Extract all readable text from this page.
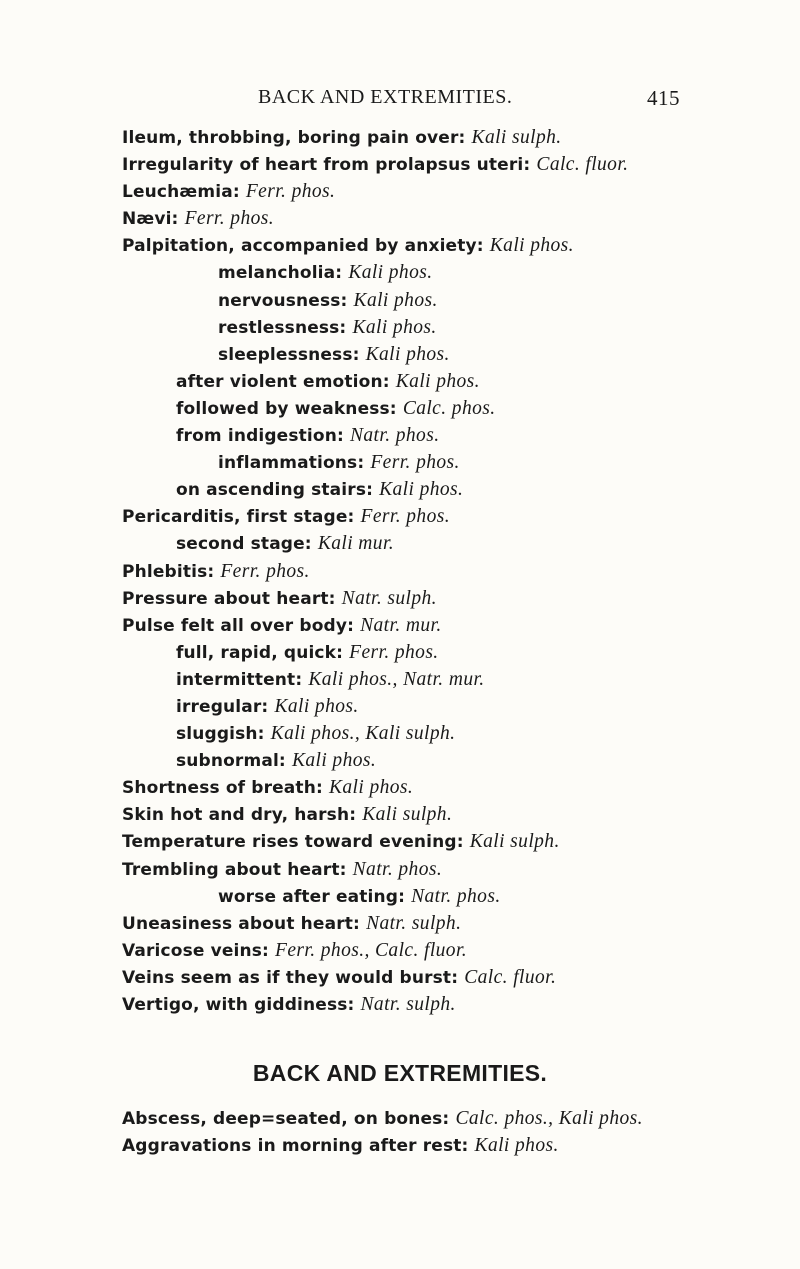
BACK AND EXTREMITIES.	415
Ileum, throbbing, boring pain over: Kali sulph.
Irregularity of heart from prolapsus uteri: Calc. fluor.
Leuchæmia: Ferr. phos.
Nævi: Ferr. phos.
Palpitation, accompanied by anxiety: Kali phos.
melancholia: Kali phos.
nervousness: Kali phos.
restlessness: Kali phos.
sleeplessness: Kali phos.
after violent emotion: Kali phos.
followed by weakness: Calc. phos.
from indigestion: Natr. phos.
inflammations: Ferr. phos.
on ascending stairs: Kali phos.
Pericarditis, first stage: Ferr. phos.
second stage: Kali mur.
Phlebitis: Ferr. phos.
Pressure about heart: Natr. sulph.
Pulse felt all over body: Natr. mur.
full, rapid, quick: Ferr. phos.
intermittent: Kali phos., Natr. mur.
irregular: Kali phos.
sluggish: Kali phos., Kali sulph.
subnormal: Kali phos.
Shortness of breath: Kali phos.
Skin hot and dry, harsh: Kali sulph.
Temperature rises toward evening: Kali sulph.
Trembling about heart: Natr. phos.
worse after eating: Natr. phos.
Uneasiness about heart: Natr. sulph.
Varicose veins: Ferr. phos., Calc. fluor.
Veins seem as if they would burst: Calc. fluor.
Vertigo, with giddiness: Natr. sulph.
BACK AND EXTREMITIES.
Abscess, deep=seated, on bones: Calc. phos., Kali phos.
Aggravations in morning after rest: Kali phos.
